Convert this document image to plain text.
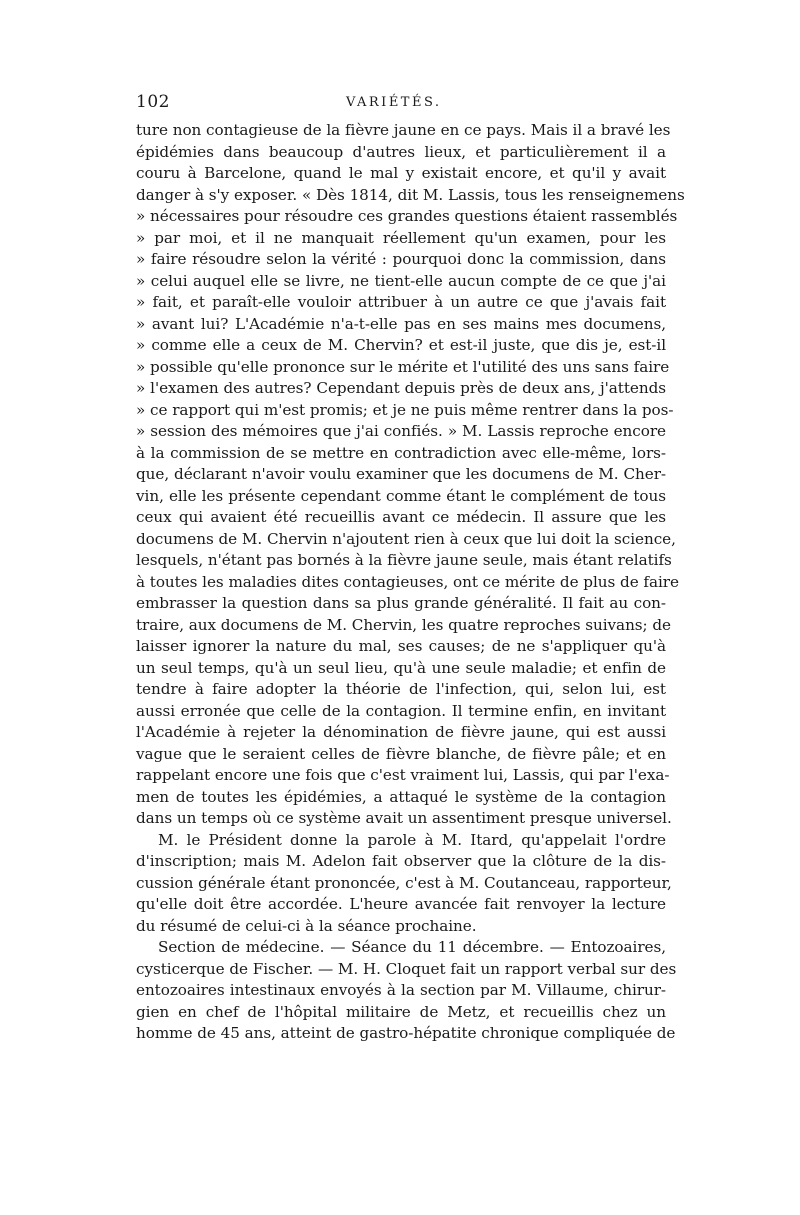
102	VARIÉTÉS.
ture non contagieuse de la fièvre jaune en ce pays. Mais il a bravé les
épidémies dans beaucoup d'autres lieux, et particulièrement il a
couru à Barcelone, quand le mal y existait encore, et qu'il y avait
danger à s'y exposer. « Dès 1814, dit M. Lassis, tous les renseignemens
» nécessaires pour résoudre ces grandes questions étaient rassemblés
» par moi, et il ne manquait réellement qu'un examen, pour les
» faire résoudre selon la vérité : pourquoi donc la commission, dans
» celui auquel elle se livre, ne tient-elle aucun compte de ce que j'ai
» fait, et paraît-elle vouloir attribuer à un autre ce que j'avais fait
» avant lui? L'Académie n'a-t-elle pas en ses mains mes documens,
» comme elle a ceux de M. Chervin? et est-il juste, que dis je, est-il
» possible qu'elle prononce sur le mérite et l'utilité des uns sans faire
» l'examen des autres? Cependant depuis près de deux ans, j'attends
» ce rapport qui m'est promis; et je ne puis même rentrer dans la pos-
» session des mémoires que j'ai confiés. » M. Lassis reproche encore
à la commission de se mettre en contradiction avec elle-même, lors-
que, déclarant n'avoir voulu examiner que les documens de M. Cher-
vin, elle les présente cependant comme étant le complément de tous
ceux qui avaient été recueillis avant ce médecin. Il assure que les
documens de M. Chervin n'ajoutent rien à ceux que lui doit la science,
lesquels, n'étant pas bornés à la fièvre jaune seule, mais étant relatifs
à toutes les maladies dites contagieuses, ont ce mérite de plus de faire
embrasser la question dans sa plus grande généralité. Il fait au con-
traire, aux documens de M. Chervin, les quatre reproches suivans; de
laisser ignorer la nature du mal, ses causes; de ne s'appliquer qu'à
un seul temps, qu'à un seul lieu, qu'à une seule maladie; et enfin de
tendre à faire adopter la théorie de l'infection, qui, selon lui, est
aussi erronée que celle de la contagion. Il termine enfin, en invitant
l'Académie à rejeter la dénomination de fièvre jaune, qui est aussi
vague que le seraient celles de fièvre blanche, de fièvre pâle; et en
rappelant encore une fois que c'est vraiment lui, Lassis, qui par l'exa-
men de toutes les épidémies, a attaqué le système de la contagion
dans un temps où ce système avait un assentiment presque universel.
M. le Président donne la parole à M. Itard, qu'appelait l'ordre
d'inscription; mais M. Adelon fait observer que la clôture de la dis-
cussion générale étant prononcée, c'est à M. Coutanceau, rapporteur,
qu'elle doit être accordée. L'heure avancée fait renvoyer la lecture
du résumé de celui-ci à la séance prochaine.
Section de médecine. — Séance du 11 décembre. — Entozoaires,
cysticerque de Fischer. — M. H. Cloquet fait un rapport verbal sur des
entozoaires intestinaux envoyés à la section par M. Villaume, chirur-
gien en chef de l'hôpital militaire de Metz, et recueillis chez un
homme de 45 ans, atteint de gastro-hépatite chronique compliquée de
